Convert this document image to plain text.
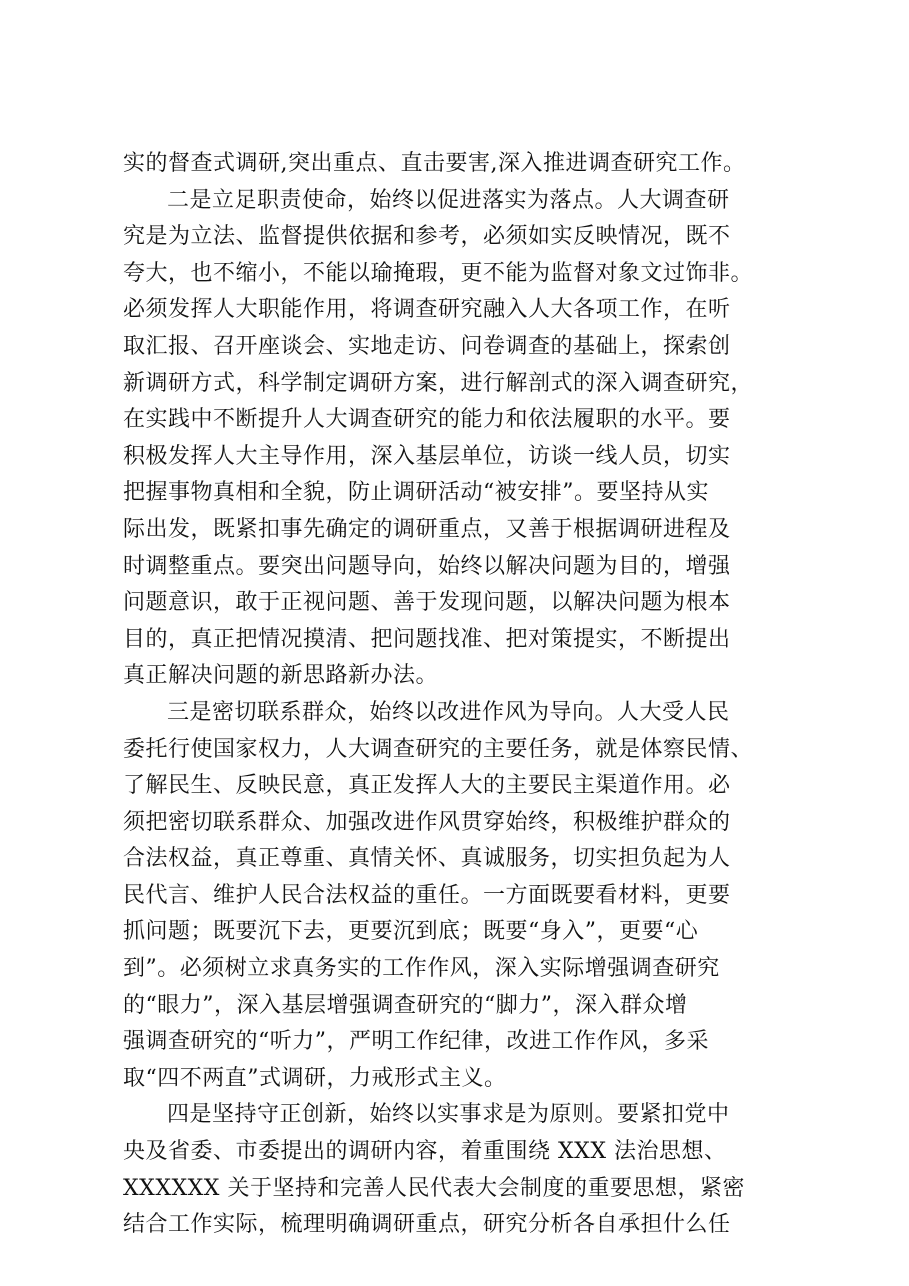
实的督查式调研,突出重点、直击要害,深入推进调查研究工作。
二是立足职责使命，始终以促进落实为落点。人大调查研
究是为立法、监督提供依据和参考，必须如实反映情况，既不
夸大，也不缩小，不能以瑜掩瑕，更不能为监督对象文过饰非。
必须发挥人大职能作用，将调查研究融入人大各项工作，在听
取汇报、召开座谈会、实地走访、问卷调查的基础上，探索创
新调研方式，科学制定调研方案，进行解剖式的深入调查研究，
在实践中不断提升人大调查研究的能力和依法履职的水平。要
积极发挥人大主导作用，深入基层单位，访谈一线人员，切实
把握事物真相和全貌，防止调研活动“被安排”。要坚持从实
际出发，既紧扣事先确定的调研重点，又善于根据调研进程及
时调整重点。要突出问题导向，始终以解决问题为目的，增强
问题意识，敢于正视问题、善于发现问题，以解决问题为根本
目的，真正把情况摸清、把问题找准、把对策提实，不断提出
真正解决问题的新思路新办法。
三是密切联系群众，始终以改进作风为导向。人大受人民
委托行使国家权力，人大调查研究的主要任务，就是体察民情、
了解民生、反映民意，真正发挥人大的主要民主渠道作用。必
须把密切联系群众、加强改进作风贯穿始终，积极维护群众的
合法权益，真正尊重、真情关怀、真诚服务，切实担负起为人
民代言、维护人民合法权益的重任。一方面既要看材料，更要
抓问题；既要沉下去，更要沉到底；既要“身入”，更要“心
到”。必须树立求真务实的工作作风，深入实际增强调查研究
的“眼力”，深入基层增强调查研究的“脚力”，深入群众增
强调查研究的“听力”，严明工作纪律，改进工作作风，多采
取“四不两直”式调研，力戒形式主义。
四是坚持守正创新，始终以实事求是为原则。要紧扣党中
央及省委、市委提出的调研内容，着重围绕 XXX 法治思想、
XXXXXX 关于坚持和完善人民代表大会制度的重要思想，紧密
结合工作实际，梳理明确调研重点，研究分析各自承担什么任
